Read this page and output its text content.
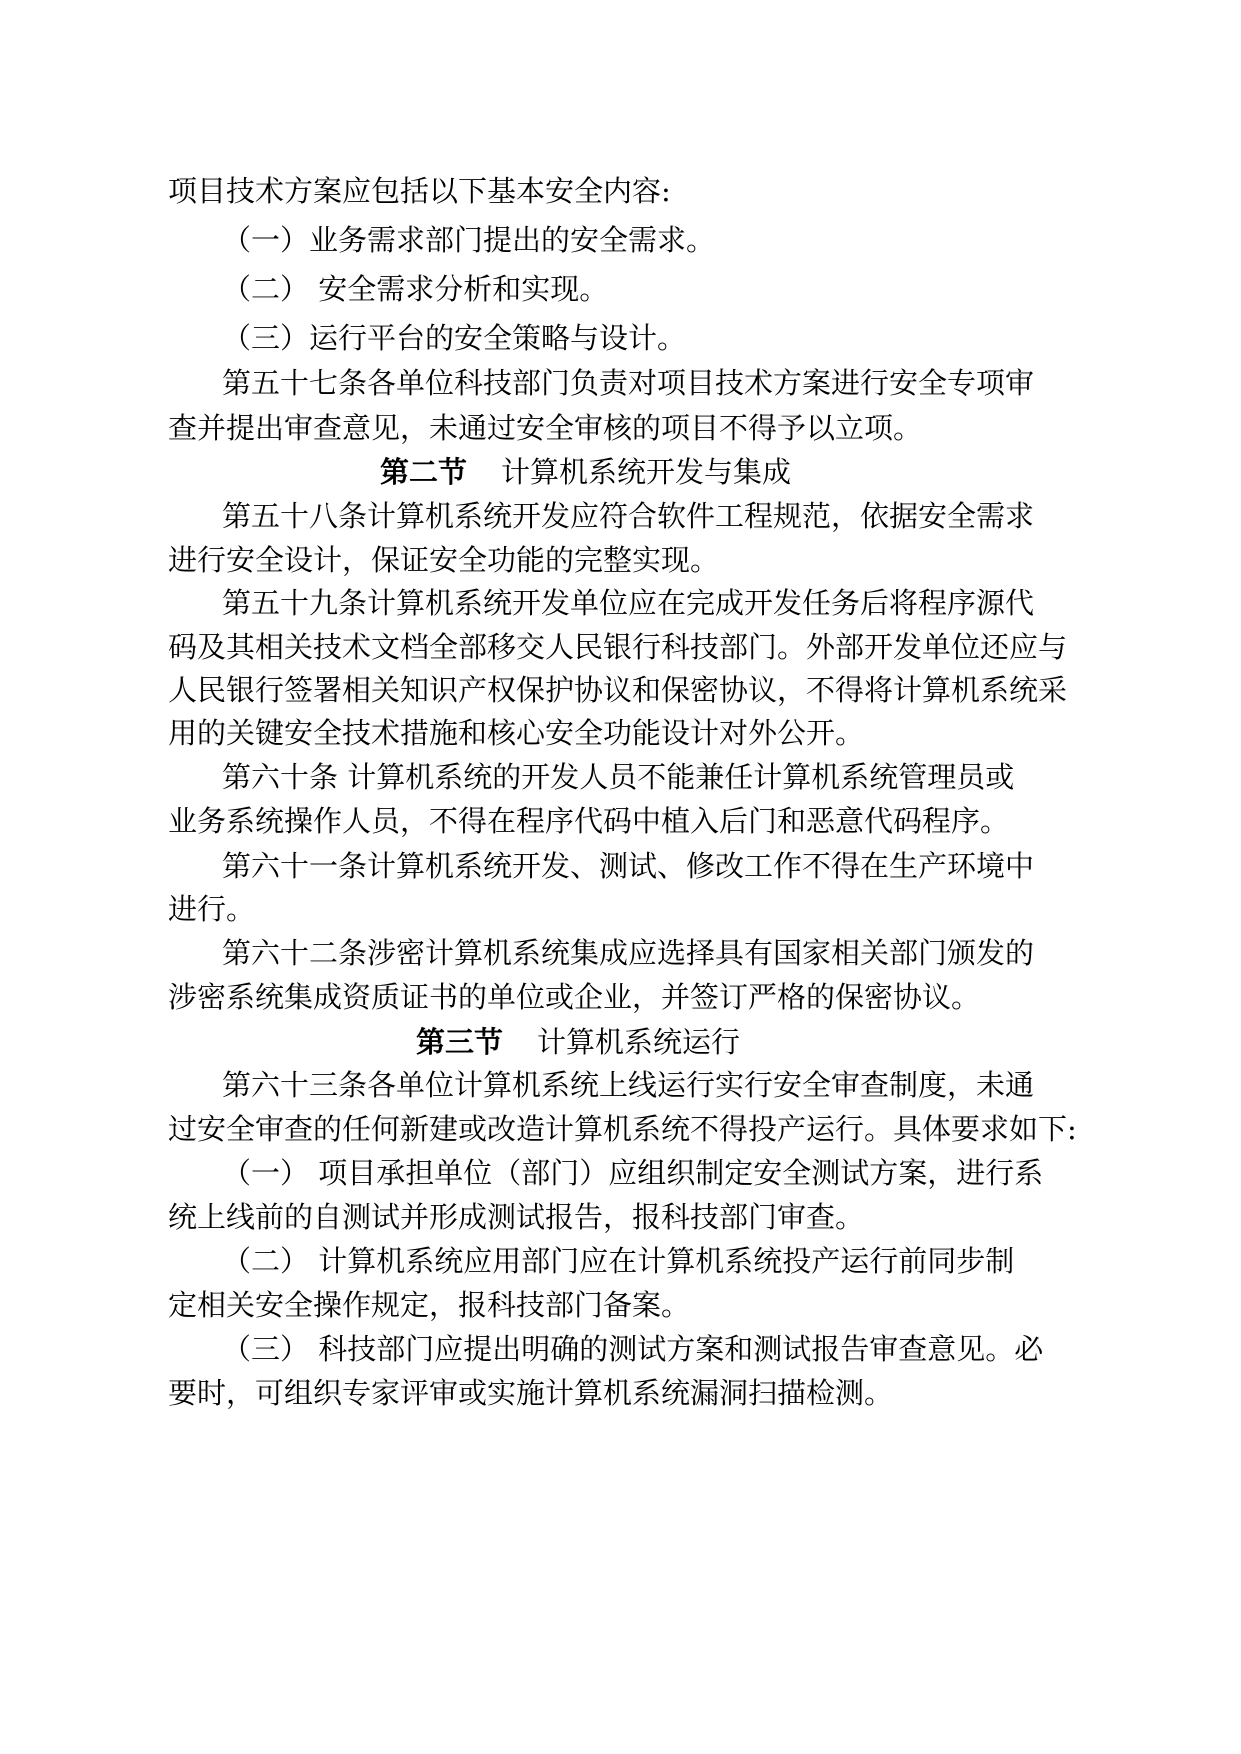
项目技术方案应包括以下基本安全内容:
（一）业务需求部门提出的安全需求。
（二） 安全需求分析和实现。
（三）运行平台的安全策略与设计。
第五十七条各单位科技部门负责对项目技术方案进行安全专项审
查并提出审查意见，未通过安全审核的项目不得予以立项。
第二节 计算机系统开发与集成
第五十八条计算机系统开发应符合软件工程规范，依据安全需求
进行安全设计，保证安全功能的完整实现。
第五十九条计算机系统开发单位应在完成开发任务后将程序源代
码及其相关技术文档全部移交人民银行科技部门。外部开发单位还应与
人民银行签署相关知识产权保护协议和保密协议，不得将计算机系统采
用的关键安全技术措施和核心安全功能设计对外公开。
第六十条 计算机系统的开发人员不能兼任计算机系统管理员或
业务系统操作人员，不得在程序代码中植入后门和恶意代码程序。
第六十一条计算机系统开发、测试、修改工作不得在生产环境中
进行。
第六十二条涉密计算机系统集成应选择具有国家相关部门颁发的
涉密系统集成资质证书的单位或企业，并签订严格的保密协议。
第三节 计算机系统运行
第六十三条各单位计算机系统上线运行实行安全审查制度，未通
过安全审查的任何新建或改造计算机系统不得投产运行。具体要求如下:
（一） 项目承担单位（部门）应组织制定安全测试方案，进行系
统上线前的自测试并形成测试报告，报科技部门审查。
（二） 计算机系统应用部门应在计算机系统投产运行前同步制
定相关安全操作规定，报科技部门备案。
（三） 科技部门应提出明确的测试方案和测试报告审查意见。必
要时，可组织专家评审或实施计算机系统漏洞扫描检测。
